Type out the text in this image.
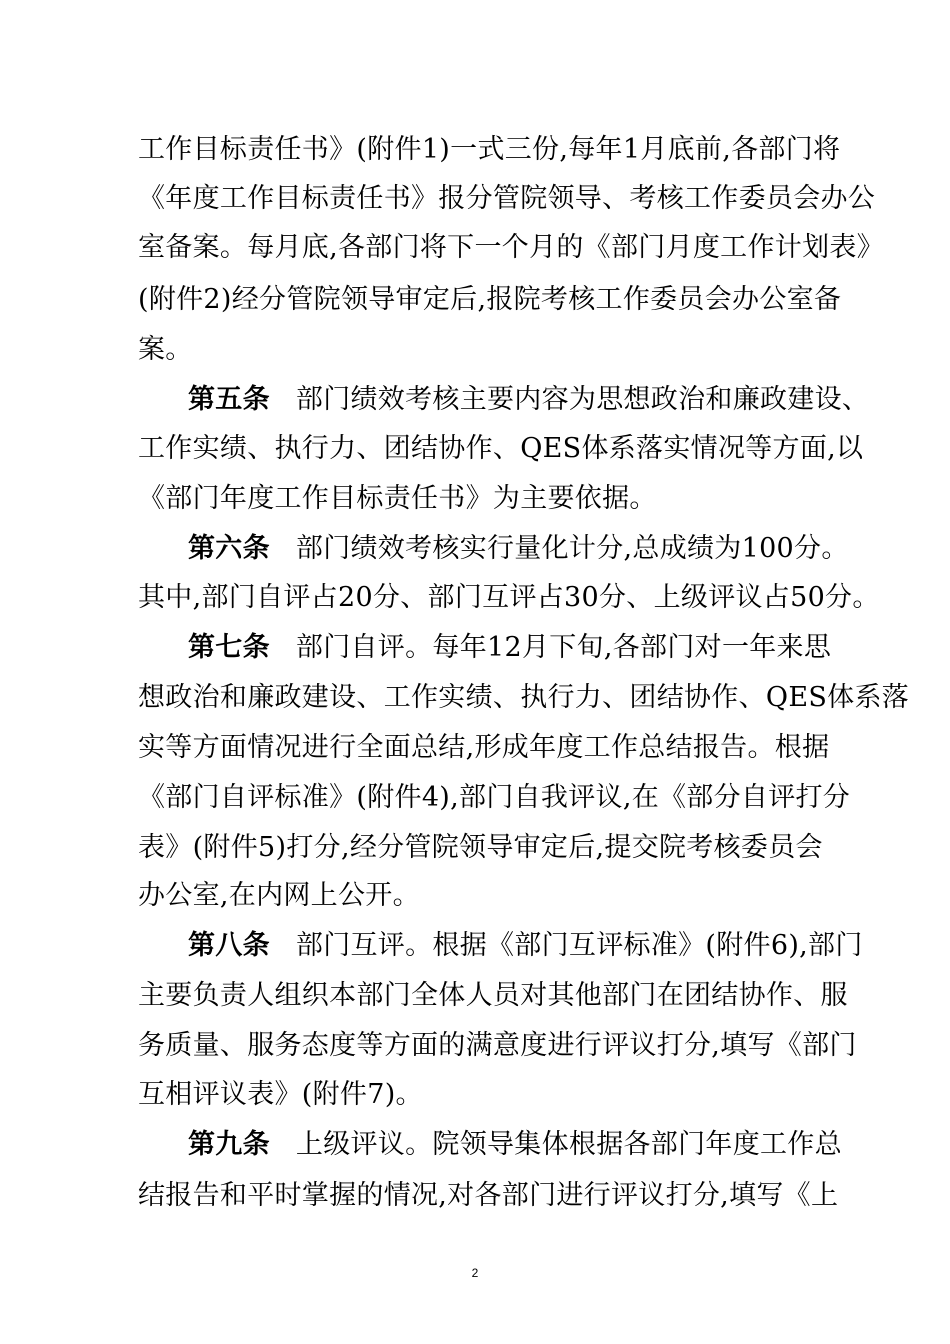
工作目标责任书》(附件1)一式三份,每年1月底前,各部门将
《年度工作目标责任书》报分管院领导、考核工作委员会办公
室备案。每月底,各部门将下一个月的《部门月度工作计划表》
(附件2)经分管院领导审定后,报院考核工作委员会办公室备
案。
第五条 部门绩效考核主要内容为思想政治和廉政建设、
工作实绩、执行力、团结协作、QES体系落实情况等方面,以
《部门年度工作目标责任书》为主要依据。
第六条 部门绩效考核实行量化计分,总成绩为100分。
其中,部门自评占20分、部门互评占30分、上级评议占50分。
第七条 部门自评。每年12月下旬,各部门对一年来思
想政治和廉政建设、工作实绩、执行力、团结协作、QES体系落
实等方面情况进行全面总结,形成年度工作总结报告。根据
《部门自评标准》(附件4),部门自我评议,在《部分自评打分
表》(附件5)打分,经分管院领导审定后,提交院考核委员会
办公室,在内网上公开。
第八条 部门互评。根据《部门互评标准》(附件6),部门
主要负责人组织本部门全体人员对其他部门在团结协作、服
务质量、服务态度等方面的满意度进行评议打分,填写《部门
互相评议表》(附件7)。
第九条 上级评议。院领导集体根据各部门年度工作总
结报告和平时掌握的情况,对各部门进行评议打分,填写《上
2
